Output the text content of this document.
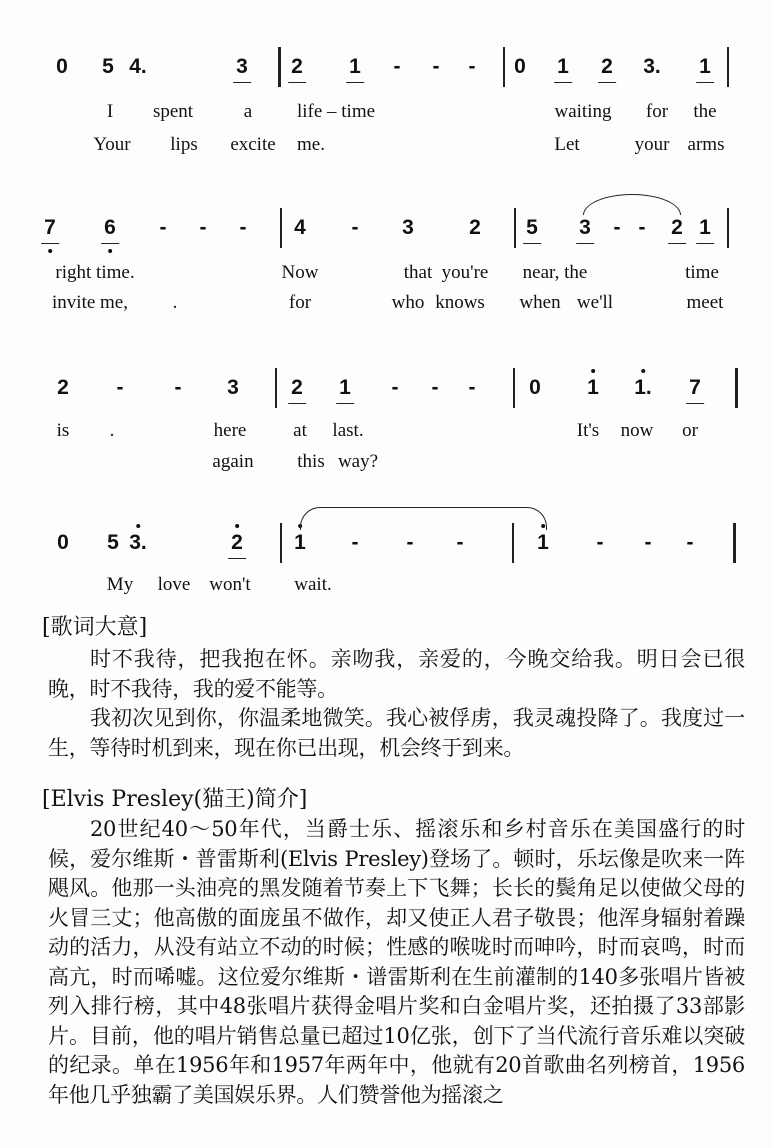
0 5 4.	3 2 1 - - - 0 1 2 3. 1
I spent	a life – time	waiting for the
Your lips excite me.	Let	your arms
7 6 - - - 4 - 3	2 5 3 - - 2 1
right time.	Now	that you're near, the	time
invite me, .	for	who knows when we'll	meet
2 - - 3 2 1 - - -	0 1 1. 7
is .	here at last.	It's now or
again this way?
0 5 3.	2 1 - - -	1 - - -
My love won't wait.
[歌词大意]

时不我待，把我抱在怀。亲吻我，亲爱的，今晚交给我。明日会已很晚，时不我待，我的爱不能等。

我初次见到你，你温柔地微笑。我心被俘虏，我灵魂投降了。我度过一生，等待时机到来，现在你已出现，机会终于到来。

[Elvis Presley(猫王)简介]

20世纪40～50年代，当爵士乐、摇滚乐和乡村音乐在美国盛行的时候，爱尔维斯・普雷斯利(Elvis Presley)登场了。顿时，乐坛像是吹来一阵飓风。他那一头油亮的黑发随着节奏上下飞舞；长长的鬓角足以使做父母的火冒三丈；他高傲的面庞虽不做作，却又使正人君子敬畏；他浑身辐射着躁动的活力，从没有站立不动的时候；性感的喉咙时而呻吟，时而哀鸣，时而高亢，时而唏嘘。这位爱尔维斯・谱雷斯利在生前灌制的140多张唱片皆被列入排行榜，其中48张唱片获得金唱片奖和白金唱片奖，还拍摄了33部影片。目前，他的唱片销售总量已超过10亿张，创下了当代流行音乐难以突破的纪录。单在1956年和1957年两年中，他就有20首歌曲名列榜首，1956年他几乎独霸了美国娱乐界。人们赞誉他为摇滚之
